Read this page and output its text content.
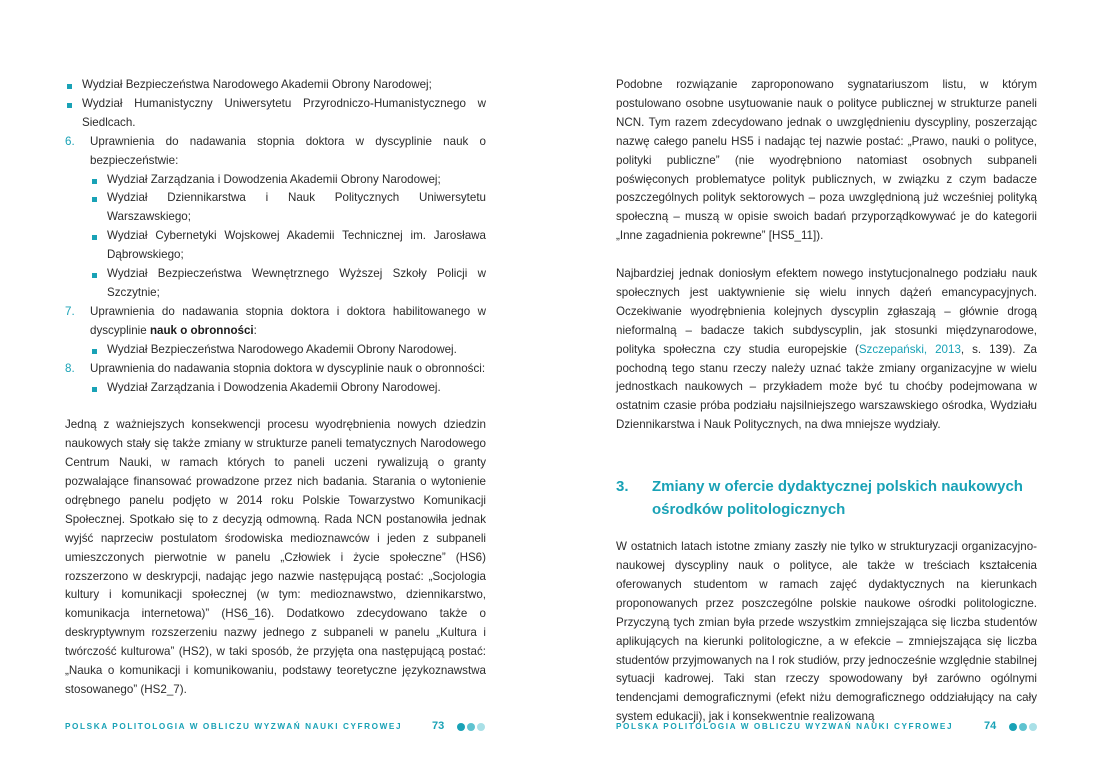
Wydział Bezpieczeństwa Narodowego Akademii Obrony Narodowej;
Wydział Humanistyczny Uniwersytetu Przyrodniczo-Humanistycznego w Siedlcach.
6. Uprawnienia do nadawania stopnia doktora w dyscyplinie nauk o bezpieczeństwie:
Wydział Zarządzania i Dowodzenia Akademii Obrony Narodowej;
Wydział Dziennikarstwa i Nauk Politycznych Uniwersytetu Warszawskiego;
Wydział Cybernetyki Wojskowej Akademii Technicznej im. Jarosława Dąbrowskiego;
Wydział Bezpieczeństwa Wewnętrznego Wyższej Szkoły Policji w Szczytnie;
7. Uprawnienia do nadawania stopnia doktora i doktora habilitowanego w dyscyplinie nauk o obronności:
Wydział Bezpieczeństwa Narodowego Akademii Obrony Narodowej.
8. Uprawnienia do nadawania stopnia doktora w dyscyplinie nauk o obronności:
Wydział Zarządzania i Dowodzenia Akademii Obrony Narodowej.

Jedną z ważniejszych konsekwencji procesu wyodrębnienia nowych dziedzin naukowych stały się także zmiany w strukturze paneli tematycznych Narodowego Centrum Nauki, w ramach których to paneli uczeni rywalizują o granty pozwalające finansować prowadzone przez nich badania. Starania o wytonienie odrębnego panelu podjęto w 2014 roku Polskie Towarzystwo Komunikacji Społecznej. Spotkało się to z decyzją odmowną. Rada NCN postanowiła jednak wyjść naprzeciw postulatom środowiska medioznawców i jeden z subpaneli umieszczonych pierwotnie w panelu „Człowiek i życie społeczne” (HS6) rozszerzono w deskrypcji, nadając jego nazwie następującą postać: „Socjologia kultury i komunikacji społecznej (w tym: medioznawstwo, dziennikarstwo, komunikacja internetowa)” (HS6_16). Dodatkowo zdecydowano także o deskryptywnym rozszerzeniu nazwy jednego z subpaneli w panelu „Kultura i twórczość kulturowa” (HS2), w taki sposób, że przyjęta ona następującą postać: „Nauka o komunikacji i komunikowaniu, podstawy teoretyczne językoznawstwa stosowanego” (HS2_7).

POLSKA POLITOLOGIA W OBLICZU WYZWAŃ NAUKI CYFROWEJ	73

Podobne rozwiązanie zaproponowano sygnatariuszom listu, w którym postulowano osobne usytuowanie nauk o polityce publicznej w strukturze paneli NCN. Tym razem zdecydowano jednak o uwzględnieniu dyscypliny, poszerzając nazwę całego panelu HS5 i nadając tej nazwie postać: „Prawo, nauki o polityce, polityki publiczne” (nie wyodrębniono natomiast osobnych subpaneli poświęconych problematyce polityk publicznych, w związku z czym badacze poszczególnych polityk sektorowych – poza uwzględnioną już wcześniej polityką społeczną – muszą w opisie swoich badań przyporządkowywać je do kategorii „Inne zagadnienia pokrewne” [HS5_11]).

Najbardziej jednak doniosłym efektem nowego instytucjonalnego podziału nauk społecznych jest uaktywnienie się wielu innych dążeń emancypacyjnych. Oczekiwanie wyodrębnienia kolejnych dyscyplin zgłaszają – głównie drogą nieformalną – badacze takich subdyscyplin, jak stosunki międzynarodowe, polityka społeczna czy studia europejskie (Szczepański, 2013, s. 139). Za pochodną tego stanu rzeczy należy uznać także zmiany organizacyjne w wielu jednostkach naukowych – przykładem może być tu choćby podejmowana w ostatnim czasie próba podziału najsilniejszego warszawskiego ośrodka, Wydziału Dziennikarstwa i Nauk Politycznych, na dwa mniejsze wydziały.

3. Zmiany w ofercie dydaktycznej polskich naukowych ośrodków politologicznych

W ostatnich latach istotne zmiany zaszły nie tylko w strukturyzacji organizacyjno-naukowej dyscypliny nauk o polityce, ale także w treściach kształcenia oferowanych studentom w ramach zajęć dydaktycznych na kierunkach proponowanych przez poszczególne polskie naukowe ośrodki politologiczne. Przyczyną tych zmian była przede wszystkim zmniejszająca się liczba studentów aplikujących na kierunki politologiczne, a w efekcie – zmniejszająca się liczba studentów przyjmowanych na I rok studiów, przy jednocześnie względnie stabilnej sytuacji kadrowej. Taki stan rzeczy spowodowany był zarówno ogólnymi tendencjami demograficznymi (efekt niżu demograficznego oddziałujący na cały system edukacji), jak i konsekwentnie realizowaną

POLSKA POLITOLOGIA W OBLICZU WYZWAŃ NAUKI CYFROWEJ	74
